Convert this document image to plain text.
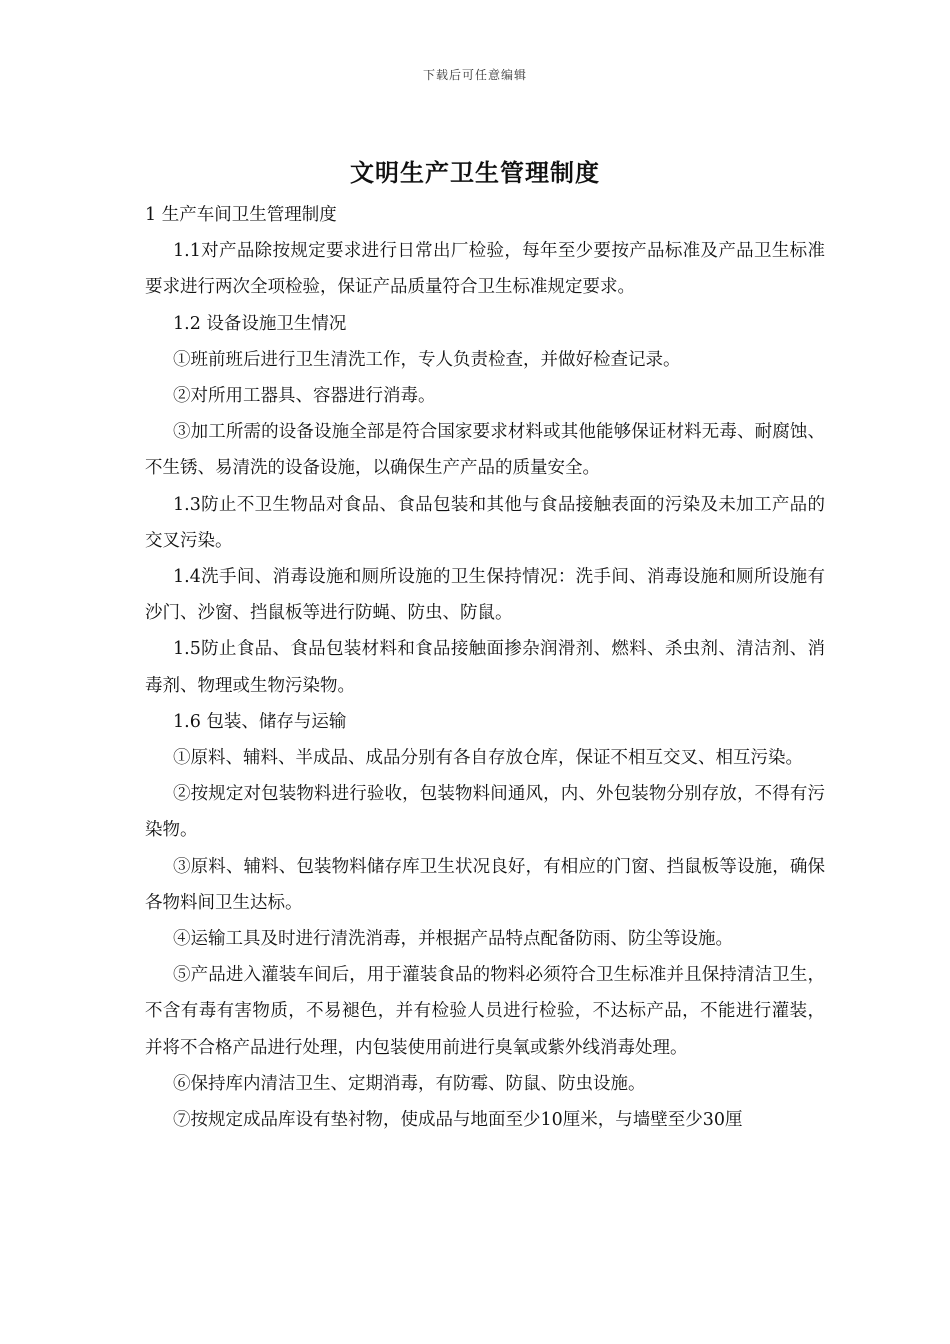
下载后可任意编辑
文明生产卫生管理制度

1 生产车间卫生管理制度

1.1对产品除按规定要求进行日常出厂检验，每年至少要按产品标准及产品卫生标准要求进行两次全项检验，保证产品质量符合卫生标准规定要求。

1.2 设备设施卫生情况

①班前班后进行卫生清洗工作，专人负责检查，并做好检查记录。

②对所用工器具、容器进行消毒。

③加工所需的设备设施全部是符合国家要求材料或其他能够保证材料无毒、耐腐蚀、不生锈、易清洗的设备设施，以确保生产产品的质量安全。

1.3防止不卫生物品对食品、食品包装和其他与食品接触表面的污染及未加工产品的交叉污染。

1.4洗手间、消毒设施和厕所设施的卫生保持情况：洗手间、消毒设施和厕所设施有沙门、沙窗、挡鼠板等进行防蝇、防虫、防鼠。

1.5防止食品、食品包装材料和食品接触面掺杂润滑剂、燃料、杀虫剂、清洁剂、消毒剂、物理或生物污染物。

1.6 包装、储存与运输

①原料、辅料、半成品、成品分别有各自存放仓库，保证不相互交叉、相互污染。

②按规定对包装物料进行验收，包装物料间通风，内、外包装物分别存放，不得有污染物。

③原料、辅料、包装物料储存库卫生状况良好，有相应的门窗、挡鼠板等设施，确保各物料间卫生达标。

④运输工具及时进行清洗消毒，并根据产品特点配备防雨、防尘等设施。

⑤产品进入灌装车间后，用于灌装食品的物料必须符合卫生标准并且保持清洁卫生，不含有毒有害物质，不易褪色，并有检验人员进行检验，不达标产品，不能进行灌装，并将不合格产品进行处理，内包装使用前进行臭氧或紫外线消毒处理。

⑥保持库内清洁卫生、定期消毒，有防霉、防鼠、防虫设施。

⑦按规定成品库设有垫衬物，使成品与地面至少10厘米，与墙壁至少30厘
